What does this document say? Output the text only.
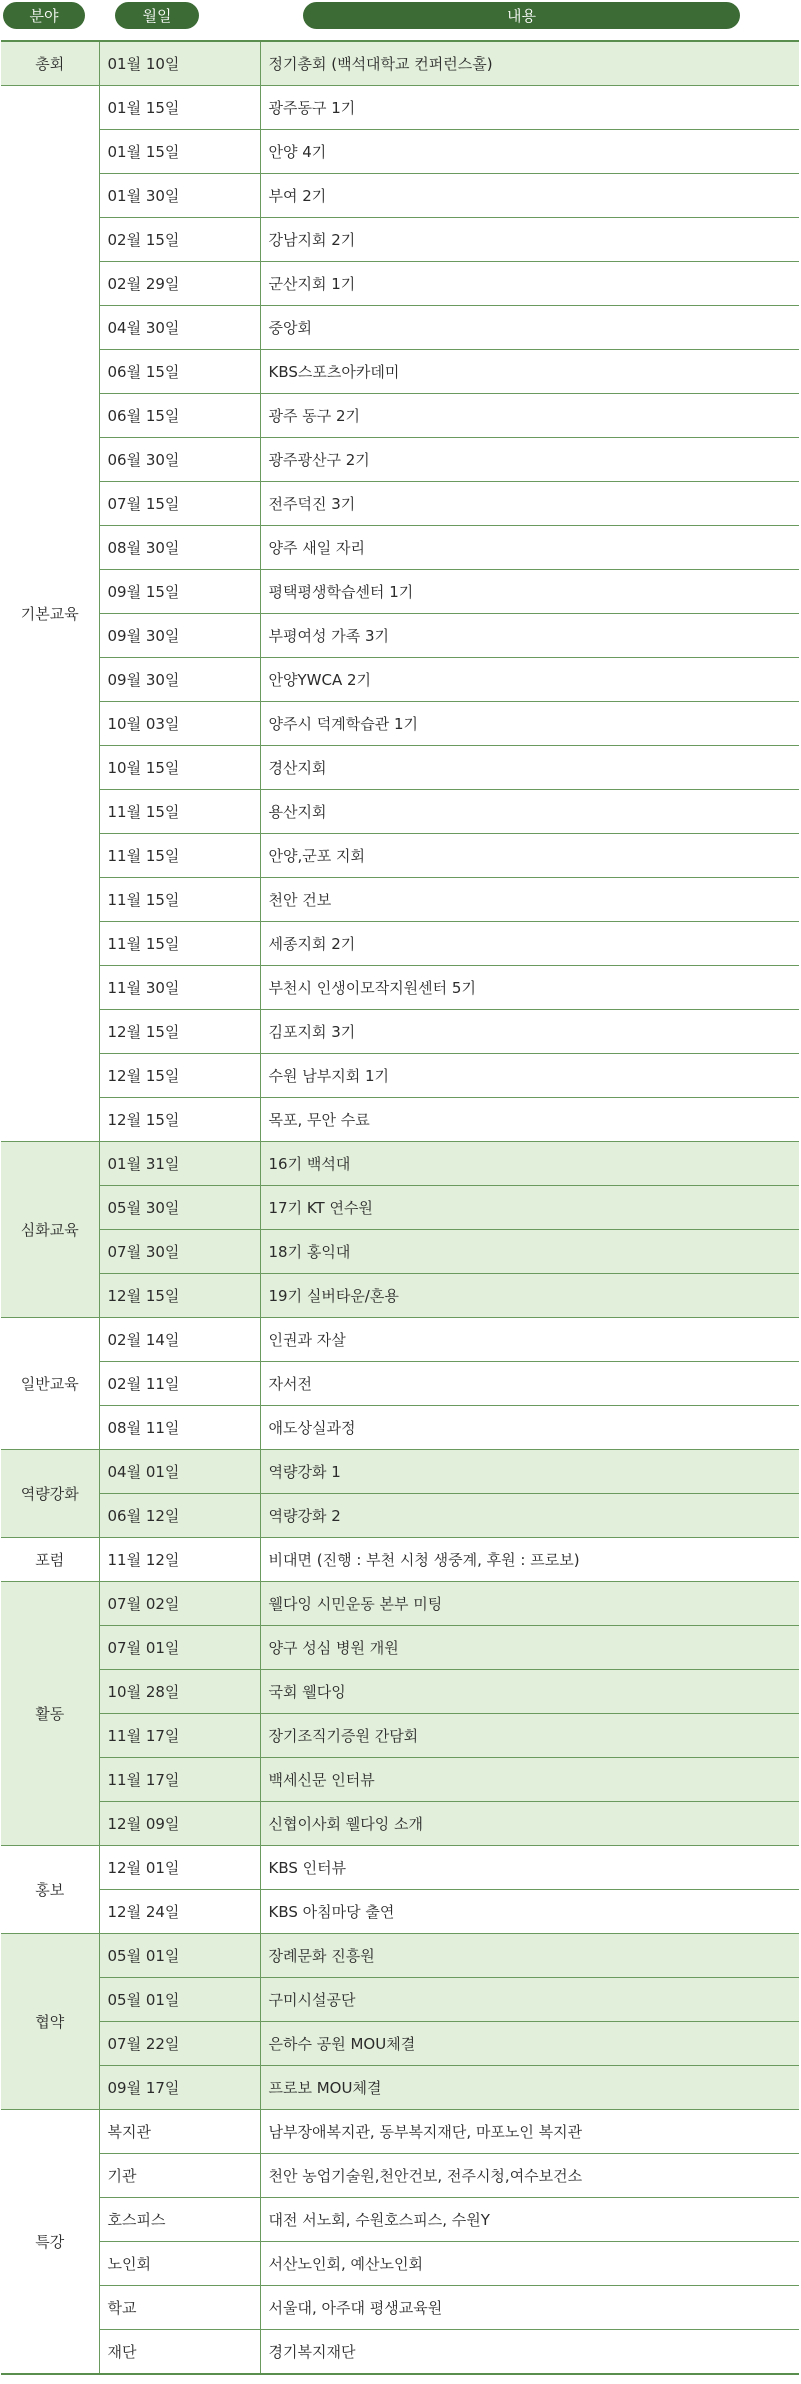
분야	월일	내용
총회	01월 10일	정기총회 (백석대학교 컨퍼런스홀)
기본교육	01월 15일	광주동구 1기
	01월 15일	안양 4기
	01월 30일	부여 2기
	02월 15일	강남지회 2기
	02월 29일	군산지회 1기
	04월 30일	중앙회
	06월 15일	KBS스포츠아카데미
	06월 15일	광주 동구 2기
	06월 30일	광주광산구 2기
	07월 15일	전주덕진 3기
	08월 30일	양주 새일 자리
	09월 15일	평택평생학습센터 1기
	09월 30일	부평여성 가족 3기
	09월 30일	안양YWCA 2기
	10월 03일	양주시 덕계학습관 1기
	10월 15일	경산지회
	11월 15일	용산지회
	11월 15일	안양,군포 지회
	11월 15일	천안 건보
	11월 15일	세종지회 2기
	11월 30일	부천시 인생이모작지원센터 5기
	12월 15일	김포지회 3기
	12월 15일	수원 남부지회 1기
	12월 15일	목포, 무안 수료
심화교육	01월 31일	16기 백석대
	05월 30일	17기 KT 연수원
	07월 30일	18기 홍익대
	12월 15일	19기 실버타운/혼용
일반교육	02월 14일	인권과 자살
	02월 11일	자서전
	08월 11일	애도상실과정
역량강화	04월 01일	역량강화 1
	06월 12일	역량강화 2
포럼	11월 12일	비대면 (진행 : 부천 시청 생중계, 후원 : 프로보)
활동	07월 02일	웰다잉 시민운동 본부 미팅
	07월 01일	양구 성심 병원 개원
	10월 28일	국회 웰다잉
	11월 17일	장기조직기증원 간담회
	11월 17일	백세신문 인터뷰
	12월 09일	신협이사회 웰다잉 소개
홍보	12월 01일	KBS 인터뷰
	12월 24일	KBS 아침마당 출연
협약	05월 01일	장례문화 진흥원
	05월 01일	구미시설공단
	07월 22일	은하수 공원 MOU체결
	09월 17일	프로보 MOU체결
특강	복지관	남부장애복지관, 동부복지재단, 마포노인 복지관
	기관	천안 농업기술원,천안건보, 전주시청,여수보건소
	호스피스	대전 서노회, 수원호스피스, 수원Y
	노인회	서산노인회, 예산노인회
	학교	서울대, 아주대 평생교육원
	재단	경기복지재단
